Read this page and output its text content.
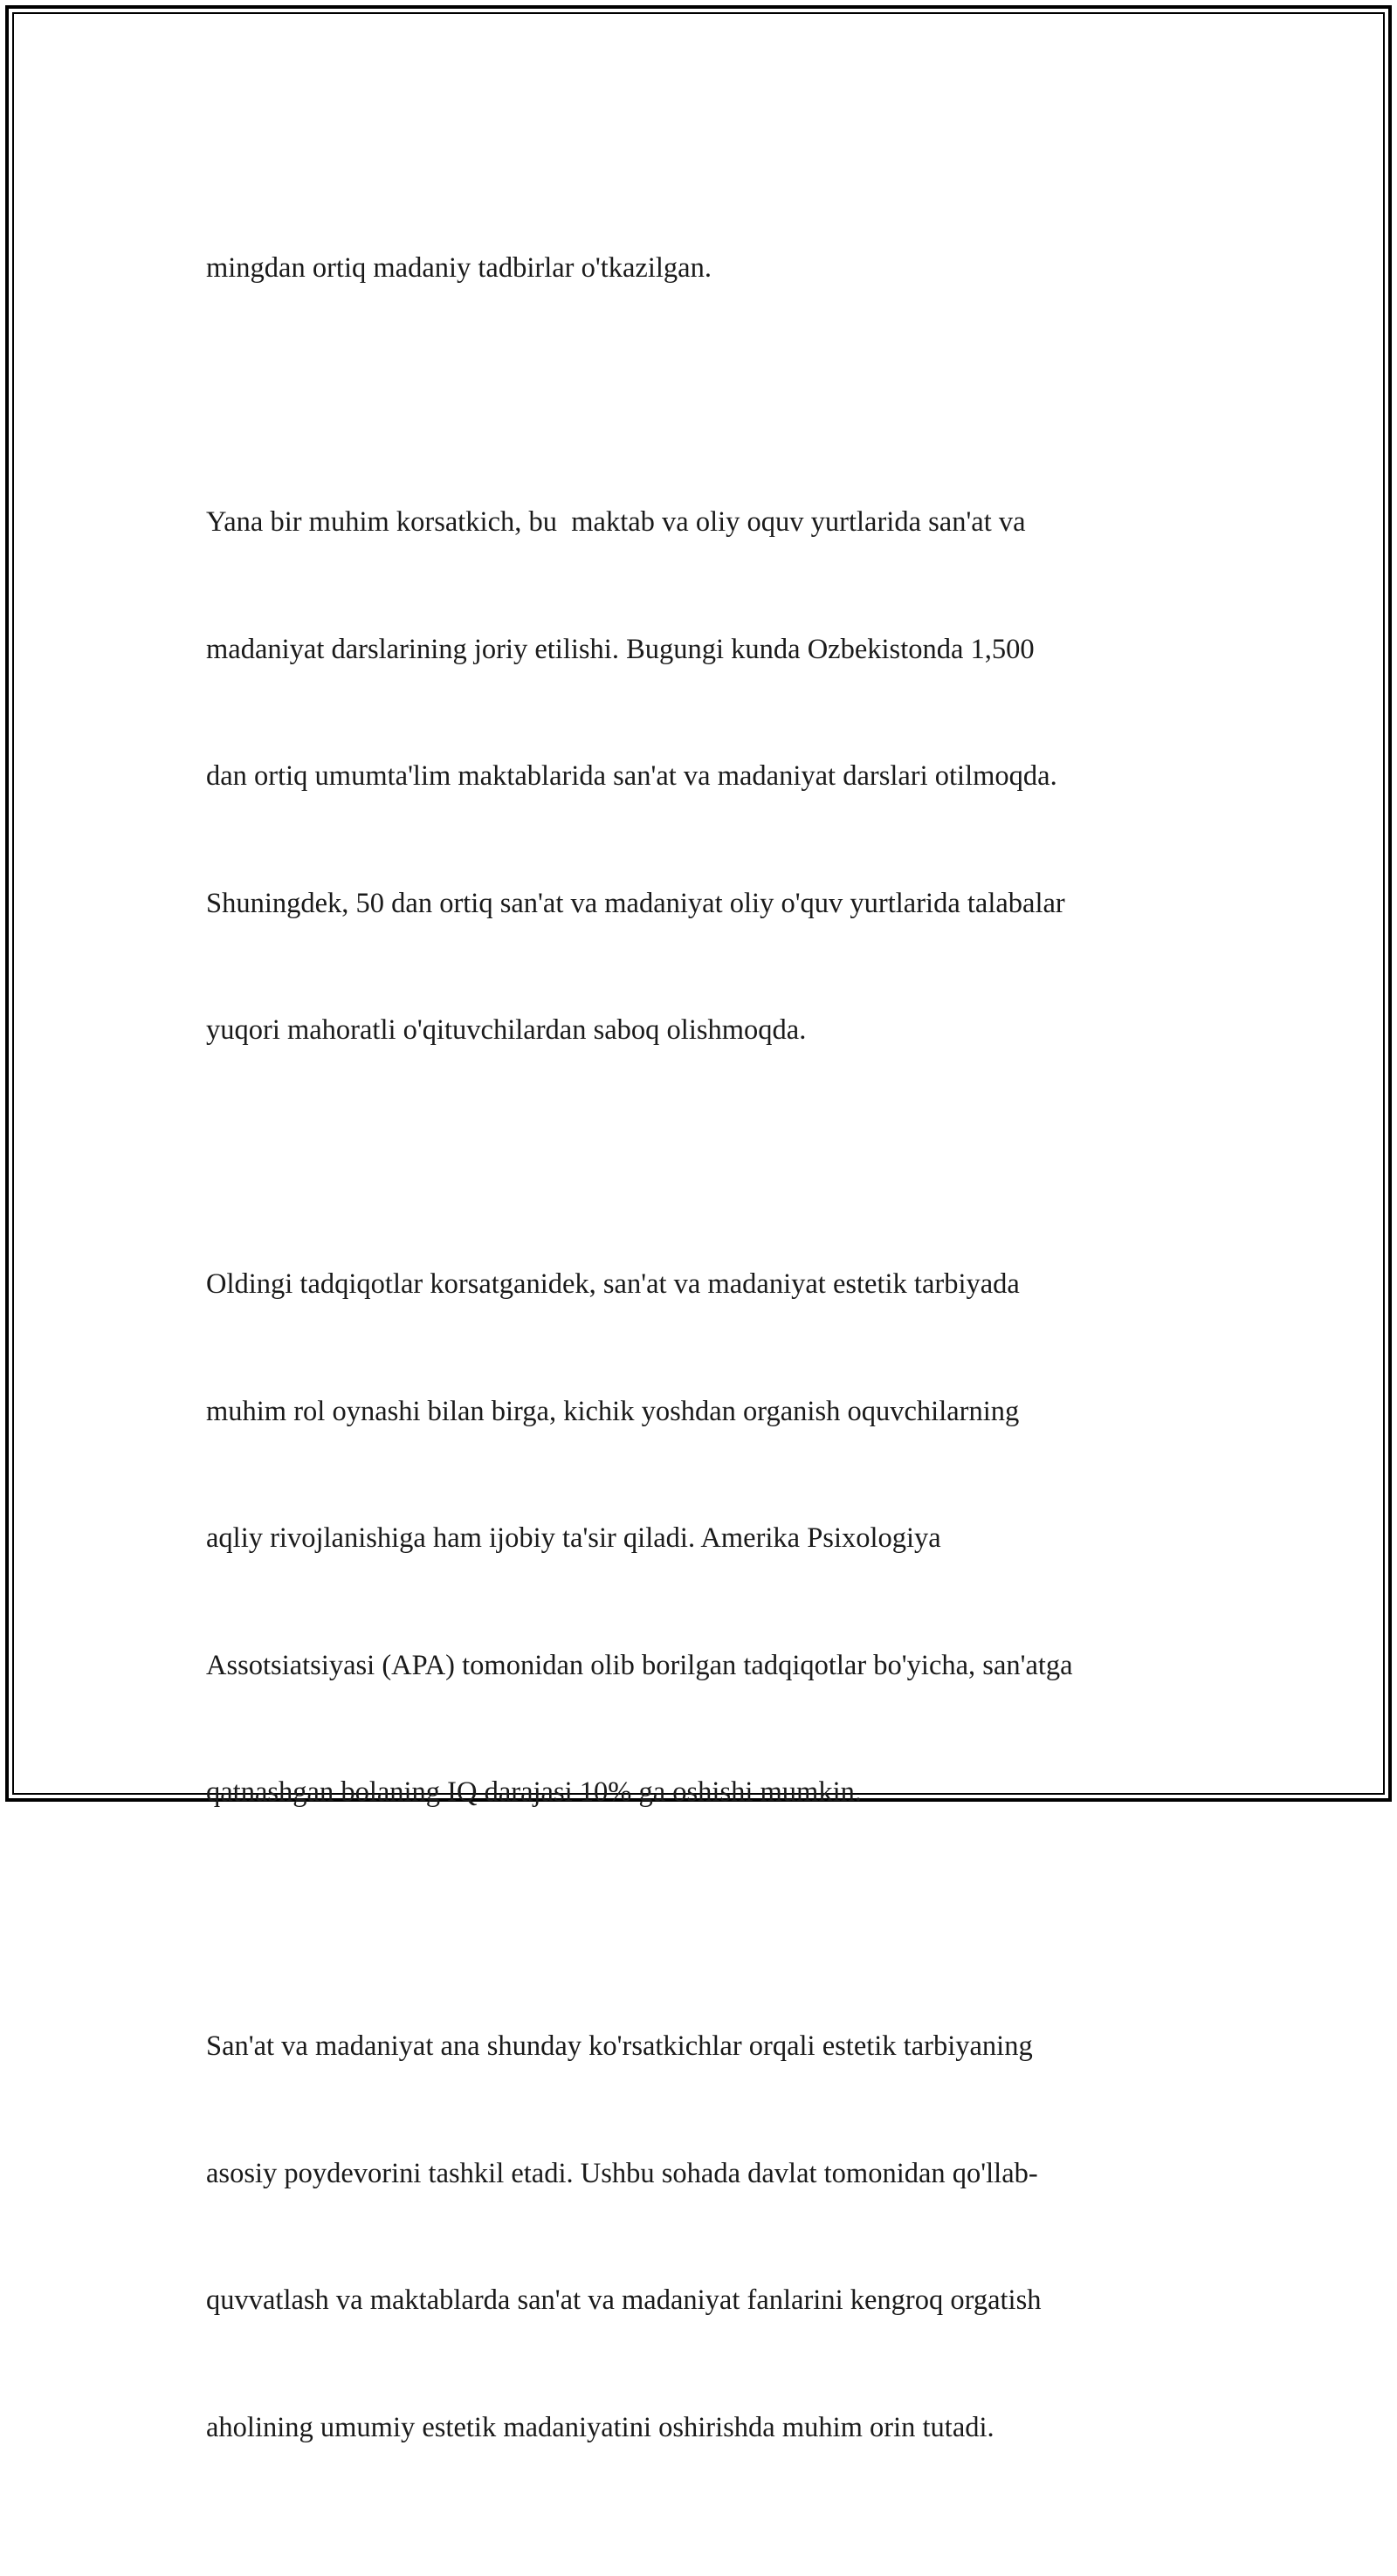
mingdan ortiq madaniy tadbirlar o'tkazilgan.

Yana bir muhim korsatkich, bu  maktab va oliy oquv yurtlarida san'at va

madaniyat darslarining joriy etilishi. Bugungi kunda Ozbekistonda 1,500

dan ortiq umumta'lim maktablarida san'at va madaniyat darslari otilmoqda.

Shuningdek, 50 dan ortiq san'at va madaniyat oliy o'quv yurtlarida talabalar

yuqori mahoratli o'qituvchilardan saboq olishmoqda.

Oldingi tadqiqotlar korsatganidek, san'at va madaniyat estetik tarbiyada

muhim rol oynashi bilan birga, kichik yoshdan organish oquvchilarning

aqliy rivojlanishiga ham ijobiy ta'sir qiladi. Amerika Psixologiya

Assotsiatsiyasi (APA) tomonidan olib borilgan tadqiqotlar bo'yicha, san'atga

qatnashgan bolaning IQ darajasi 10% ga oshishi mumkin.

San'at va madaniyat ana shunday ko'rsatkichlar orqali estetik tarbiyaning

asosiy poydevorini tashkil etadi. Ushbu sohada davlat tomonidan qo'llab-

quvvatlash va maktablarda san'at va madaniyat fanlarini kengroq orgatish

aholining umumiy estetik madaniyatini oshirishda muhim orin tutadi.
